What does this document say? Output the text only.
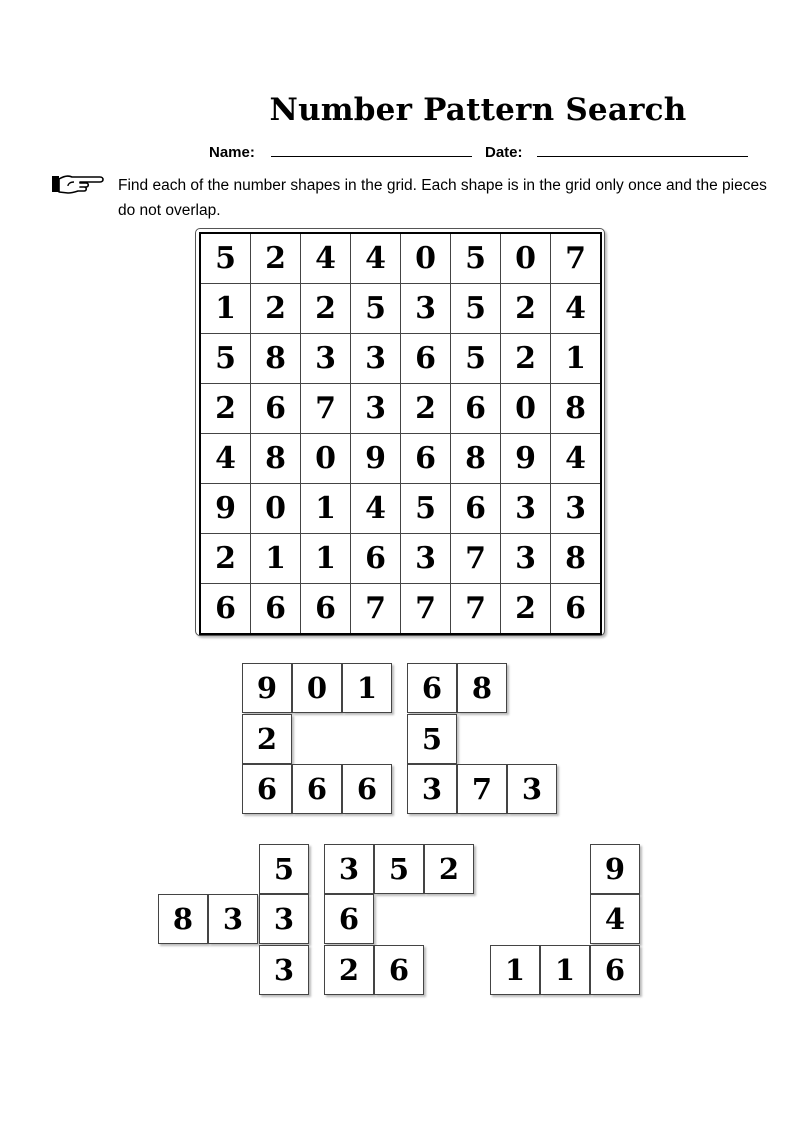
Number Pattern Search
Name:	Date:
Find each of the number shapes in the grid. Each shape is in the grid only once and the pieces do not overlap.
5	2	4	4	0	5	0	7
1	2	2	5	3	5	2	4
5	8	3	3	6	5	2	1
2	6	7	3	2	6	0	8
4	8	0	9	6	8	9	4
9	0	1	4	5	6	3	3
2	1	1	6	3	7	3	8
6	6	6	7	7	7	2	6
9	0	1
2
6	6	6
6	8
5
3	7	3
5
8	3	3
3
3	5	2
6
2	6
9
4
1	1	6
